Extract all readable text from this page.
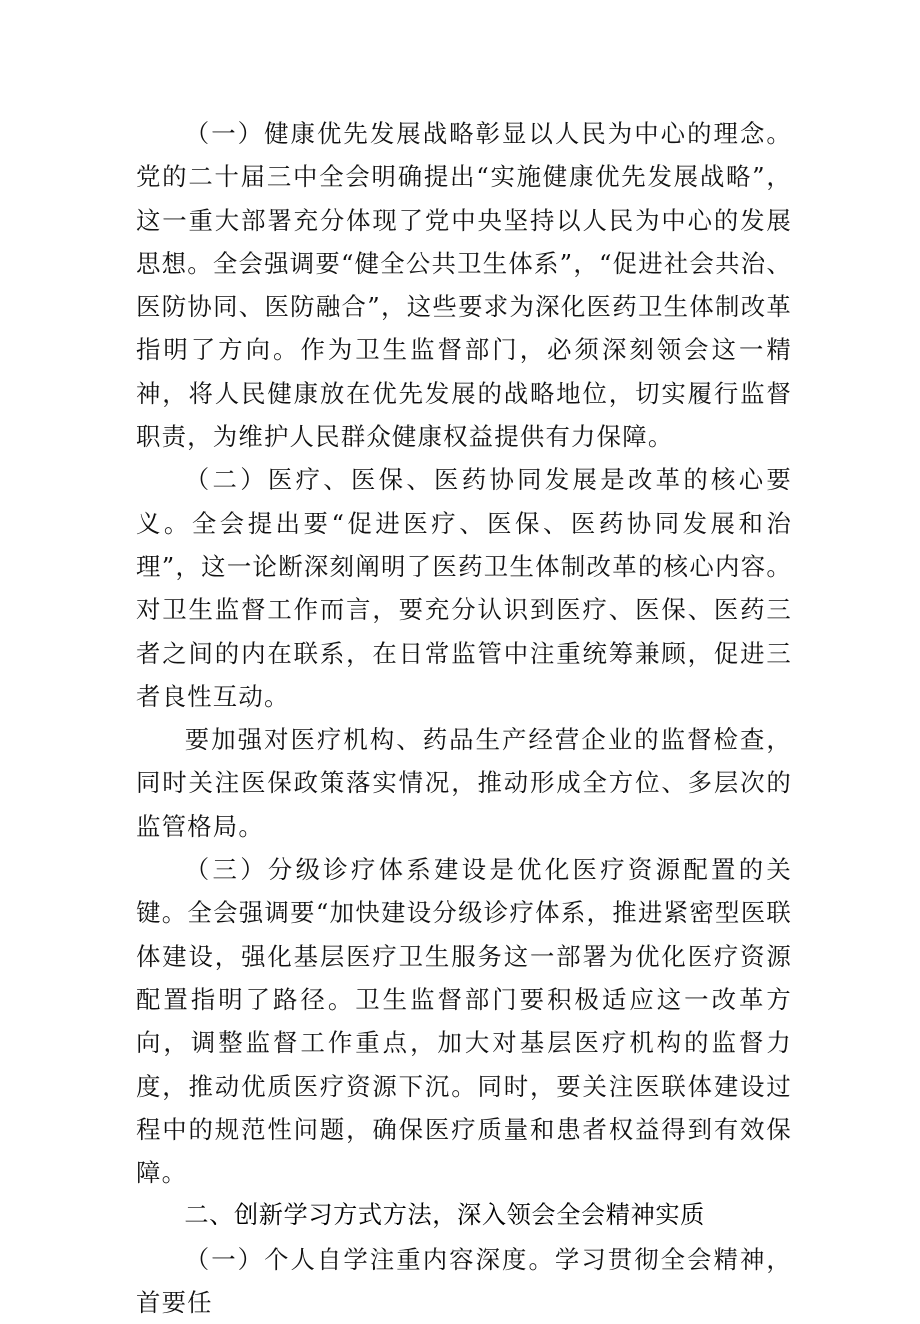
（一）健康优先发展战略彰显以人民为中心的理念。党的二十届三中全会明确提出“实施健康优先发展战略”，这一重大部署充分体现了党中央坚持以人民为中心的发展思想。全会强调要“健全公共卫生体系”，“促进社会共治、医防协同、医防融合”，这些要求为深化医药卫生体制改革指明了方向。作为卫生监督部门，必须深刻领会这一精神，将人民健康放在优先发展的战略地位，切实履行监督职责，为维护人民群众健康权益提供有力保障。

（二）医疗、医保、医药协同发展是改革的核心要义。全会提出要“促进医疗、医保、医药协同发展和治理”，这一论断深刻阐明了医药卫生体制改革的核心内容。对卫生监督工作而言，要充分认识到医疗、医保、医药三者之间的内在联系，在日常监管中注重统筹兼顾，促进三者良性互动。

要加强对医疗机构、药品生产经营企业的监督检查，同时关注医保政策落实情况，推动形成全方位、多层次的监管格局。

（三）分级诊疗体系建设是优化医疗资源配置的关键。全会强调要“加快建设分级诊疗体系，推进紧密型医联体建设，强化基层医疗卫生服务这一部署为优化医疗资源配置指明了路径。卫生监督部门要积极适应这一改革方向，调整监督工作重点，加大对基层医疗机构的监督力度，推动优质医疗资源下沉。同时，要关注医联体建设过程中的规范性问题，确保医疗质量和患者权益得到有效保障。

二、创新学习方式方法，深入领会全会精神实质

（一）个人自学注重内容深度。学习贯彻全会精神，首要任
